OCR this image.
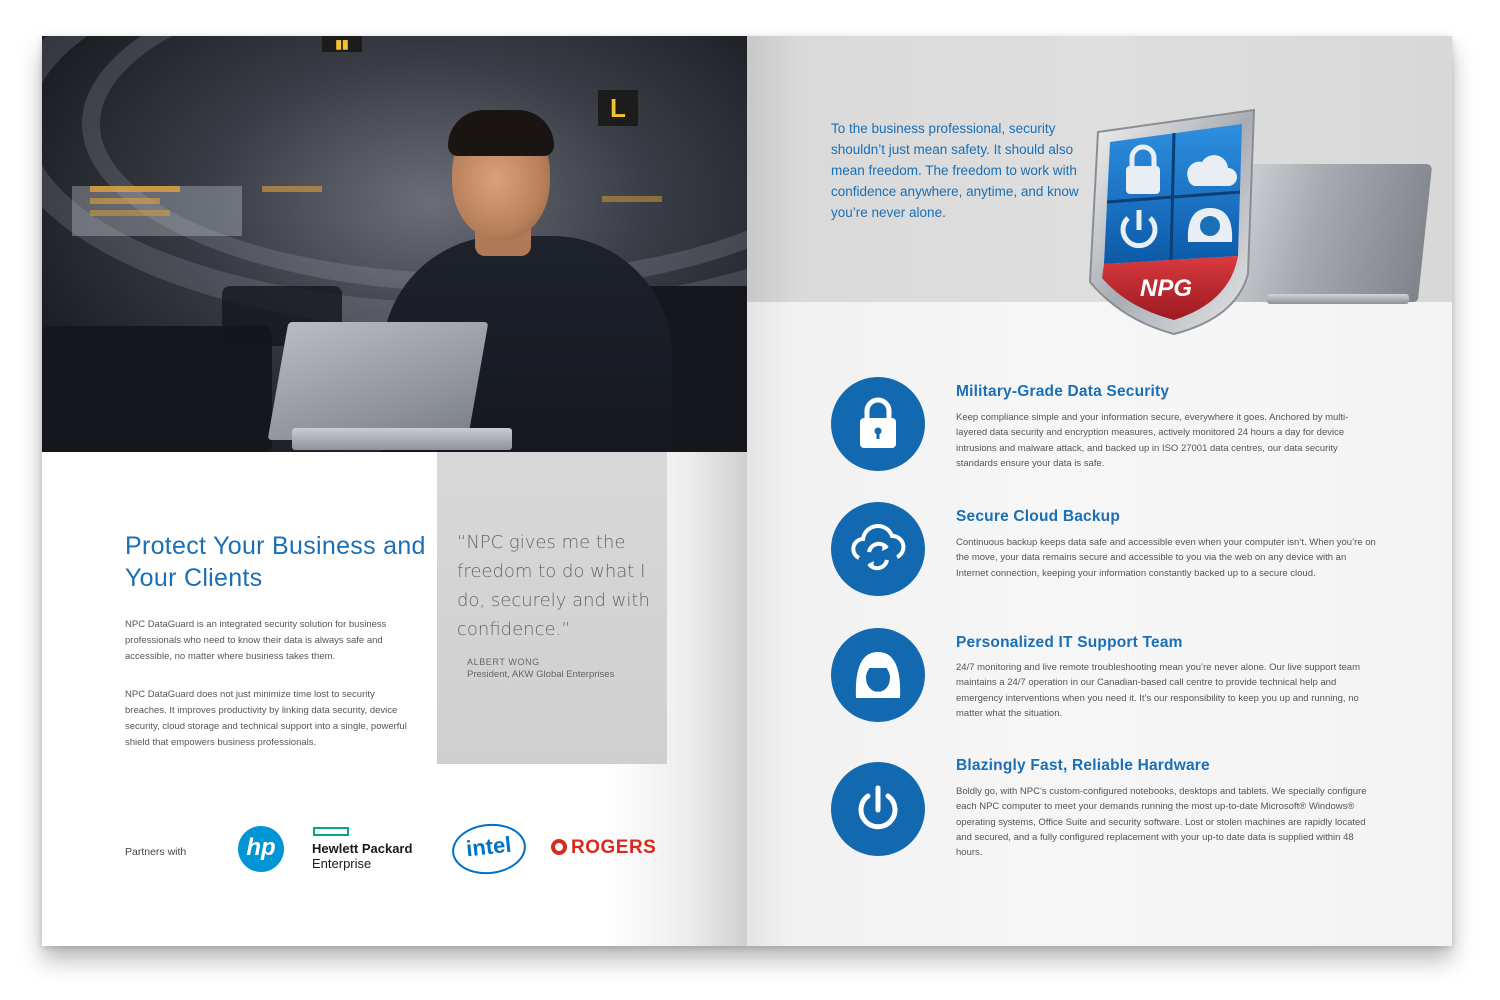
▮▮
L
Protect Your Business and Your Clients
NPC DataGuard is an integrated security solution for business professionals who need to know their data is always safe and accessible, no matter where business takes them.
NPC DataGuard does not just minimize time lost to security breaches. It improves productivity by linking data security, device security, cloud storage and technical support into a single, powerful shield that empowers business professionals.
“NPC gives me the freedom to do what I do, securely and with confidence.”
ALBERT WONG
President, AKW Global Enterprises
Partners with	hp	Hewlett Packard
Enterprise
intel	ROGERS
To the business professional, security shouldn’t just mean safety. It should also mean freedom. The freedom to work with confidence anywhere, anytime, and know you’re never alone.
NPG
Military-Grade Data Security
Keep compliance simple and your information secure, everywhere it goes. Anchored by multi-layered data security and encryption measures, actively monitored 24 hours a day for device intrusions and malware attack, and backed up in ISO 27001 data centres, our data security standards ensure your data is safe.
Secure Cloud Backup
Continuous backup keeps data safe and accessible even when your computer isn’t. When you’re on the move, your data remains secure and accessible to you via the web on any device with an Internet connection, keeping your information constantly backed up to a secure cloud.
Personalized IT Support Team
24/7 monitoring and live remote troubleshooting mean you’re never alone. Our live support team maintains a 24/7 operation in our Canadian-based call centre to provide technical help and emergency interventions when you need it. It’s our responsibility to keep you up and running, no matter what the situation.
Blazingly Fast, Reliable Hardware
Boldly go, with NPC’s custom-configured notebooks, desktops and tablets. We specially configure each NPC computer to meet your demands running the most up-to-date Microsoft® Windows® operating systems, Office Suite and security software. Lost or stolen machines are rapidly located and secured, and a fully configured replacement with your up-to date data is supplied within 48 hours.
